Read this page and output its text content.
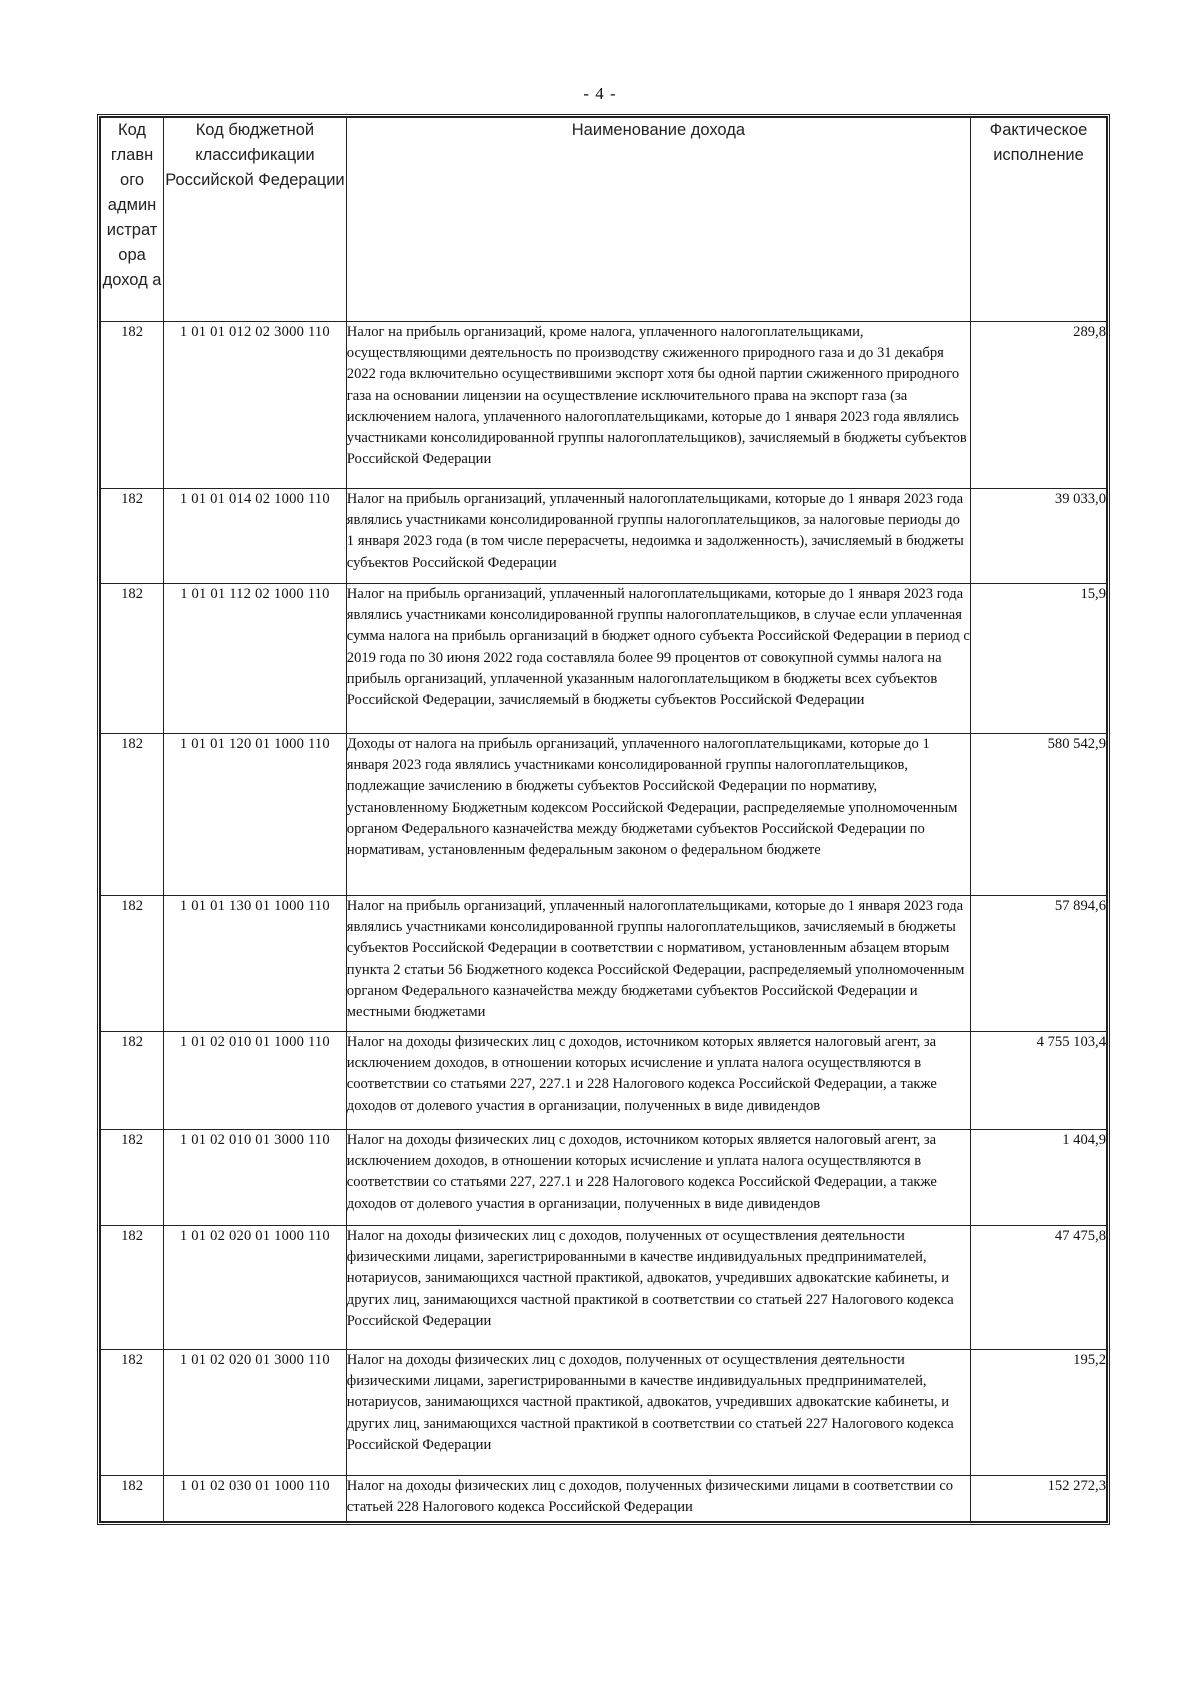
- 4 -
Код главн ого админ истрат ора доход а	Код бюджетной классификации Российской Федерации	Наименование дохода	Фактическое исполнение
182	1 01 01 012 02 3000 110	Налог на прибыль организаций, кроме налога, уплаченного налогоплательщиками, осуществляющими деятельность по производству сжиженного природного газа и до 31 декабря 2022 года включительно осуществившими экспорт хотя бы одной партии сжиженного природного газа на основании лицензии на осуществление исключительного права на экспорт газа (за исключением налога, уплаченного налогоплательщиками, которые до 1 января 2023 года являлись участниками консолидированной группы налогоплательщиков), зачисляемый в бюджеты субъектов Российской Федерации	289,8
182	1 01 01 014 02 1000 110	Налог на прибыль организаций, уплаченный налогоплательщиками, которые до 1 января 2023 года являлись участниками консолидированной группы налогоплательщиков, за налоговые периоды до 1 января 2023 года (в том числе перерасчеты, недоимка и задолженность), зачисляемый в бюджеты субъектов Российской Федерации	39 033,0
182	1 01 01 112 02 1000 110	Налог на прибыль организаций, уплаченный налогоплательщиками, которые до 1 января 2023 года являлись участниками консолидированной группы налогоплательщиков, в случае если уплаченная сумма налога на прибыль организаций в бюджет одного субъекта Российской Федерации в период с 2019 года по 30 июня 2022 года составляла более 99 процентов от совокупной суммы налога на прибыль организаций, уплаченной указанным налогоплательщиком в бюджеты всех субъектов Российской Федерации, зачисляемый в бюджеты субъектов Российской Федерации	15,9
182	1 01 01 120 01 1000 110	Доходы от налога на прибыль организаций, уплаченного налогоплательщиками, которые до 1 января 2023 года являлись участниками консолидированной группы налогоплательщиков, подлежащие зачислению в бюджеты субъектов Российской Федерации по нормативу, установленному Бюджетным кодексом Российской Федерации, распределяемые уполномоченным органом Федерального казначейства между бюджетами субъектов Российской Федерации по нормативам, установленным федеральным законом о федеральном бюджете	580 542,9
182	1 01 01 130 01 1000 110	Налог на прибыль организаций, уплаченный налогоплательщиками, которые до 1 января 2023 года являлись участниками консолидированной группы налогоплательщиков, зачисляемый в бюджеты субъектов Российской Федерации в соответствии с нормативом, установленным абзацем вторым пункта 2 статьи 56 Бюджетного кодекса Российской Федерации, распределяемый уполномоченным органом Федерального казначейства между бюджетами субъектов Российской Федерации и местными бюджетами	57 894,6
182	1 01 02 010 01 1000 110	Налог на доходы физических лиц с доходов, источником которых является налоговый агент, за исключением доходов, в отношении которых исчисление и уплата налога осуществляются в соответствии со статьями 227, 227.1 и 228 Налогового кодекса Российской Федерации, а также доходов от долевого участия в организации, полученных в виде дивидендов	4 755 103,4
182	1 01 02 010 01 3000 110	Налог на доходы физических лиц с доходов, источником которых является налоговый агент, за исключением доходов, в отношении которых исчисление и уплата налога осуществляются в соответствии со статьями 227, 227.1 и 228 Налогового кодекса Российской Федерации, а также доходов от долевого участия в организации, полученных в виде дивидендов	1 404,9
182	1 01 02 020 01 1000 110	Налог на доходы физических лиц с доходов, полученных от осуществления деятельности физическими лицами, зарегистрированными в качестве индивидуальных предпринимателей, нотариусов, занимающихся частной практикой, адвокатов, учредивших адвокатские кабинеты, и других лиц, занимающихся частной практикой в соответствии со статьей 227 Налогового кодекса Российской Федерации	47 475,8
182	1 01 02 020 01 3000 110	Налог на доходы физических лиц с доходов, полученных от осуществления деятельности физическими лицами, зарегистрированными в качестве индивидуальных предпринимателей, нотариусов, занимающихся частной практикой, адвокатов, учредивших адвокатские кабинеты, и других лиц, занимающихся частной практикой в соответствии со статьей 227 Налогового кодекса Российской Федерации	195,2
182	1 01 02 030 01 1000 110	Налог на доходы физических лиц с доходов, полученных физическими лицами в соответствии со статьей 228 Налогового кодекса Российской Федерации	152 272,3
